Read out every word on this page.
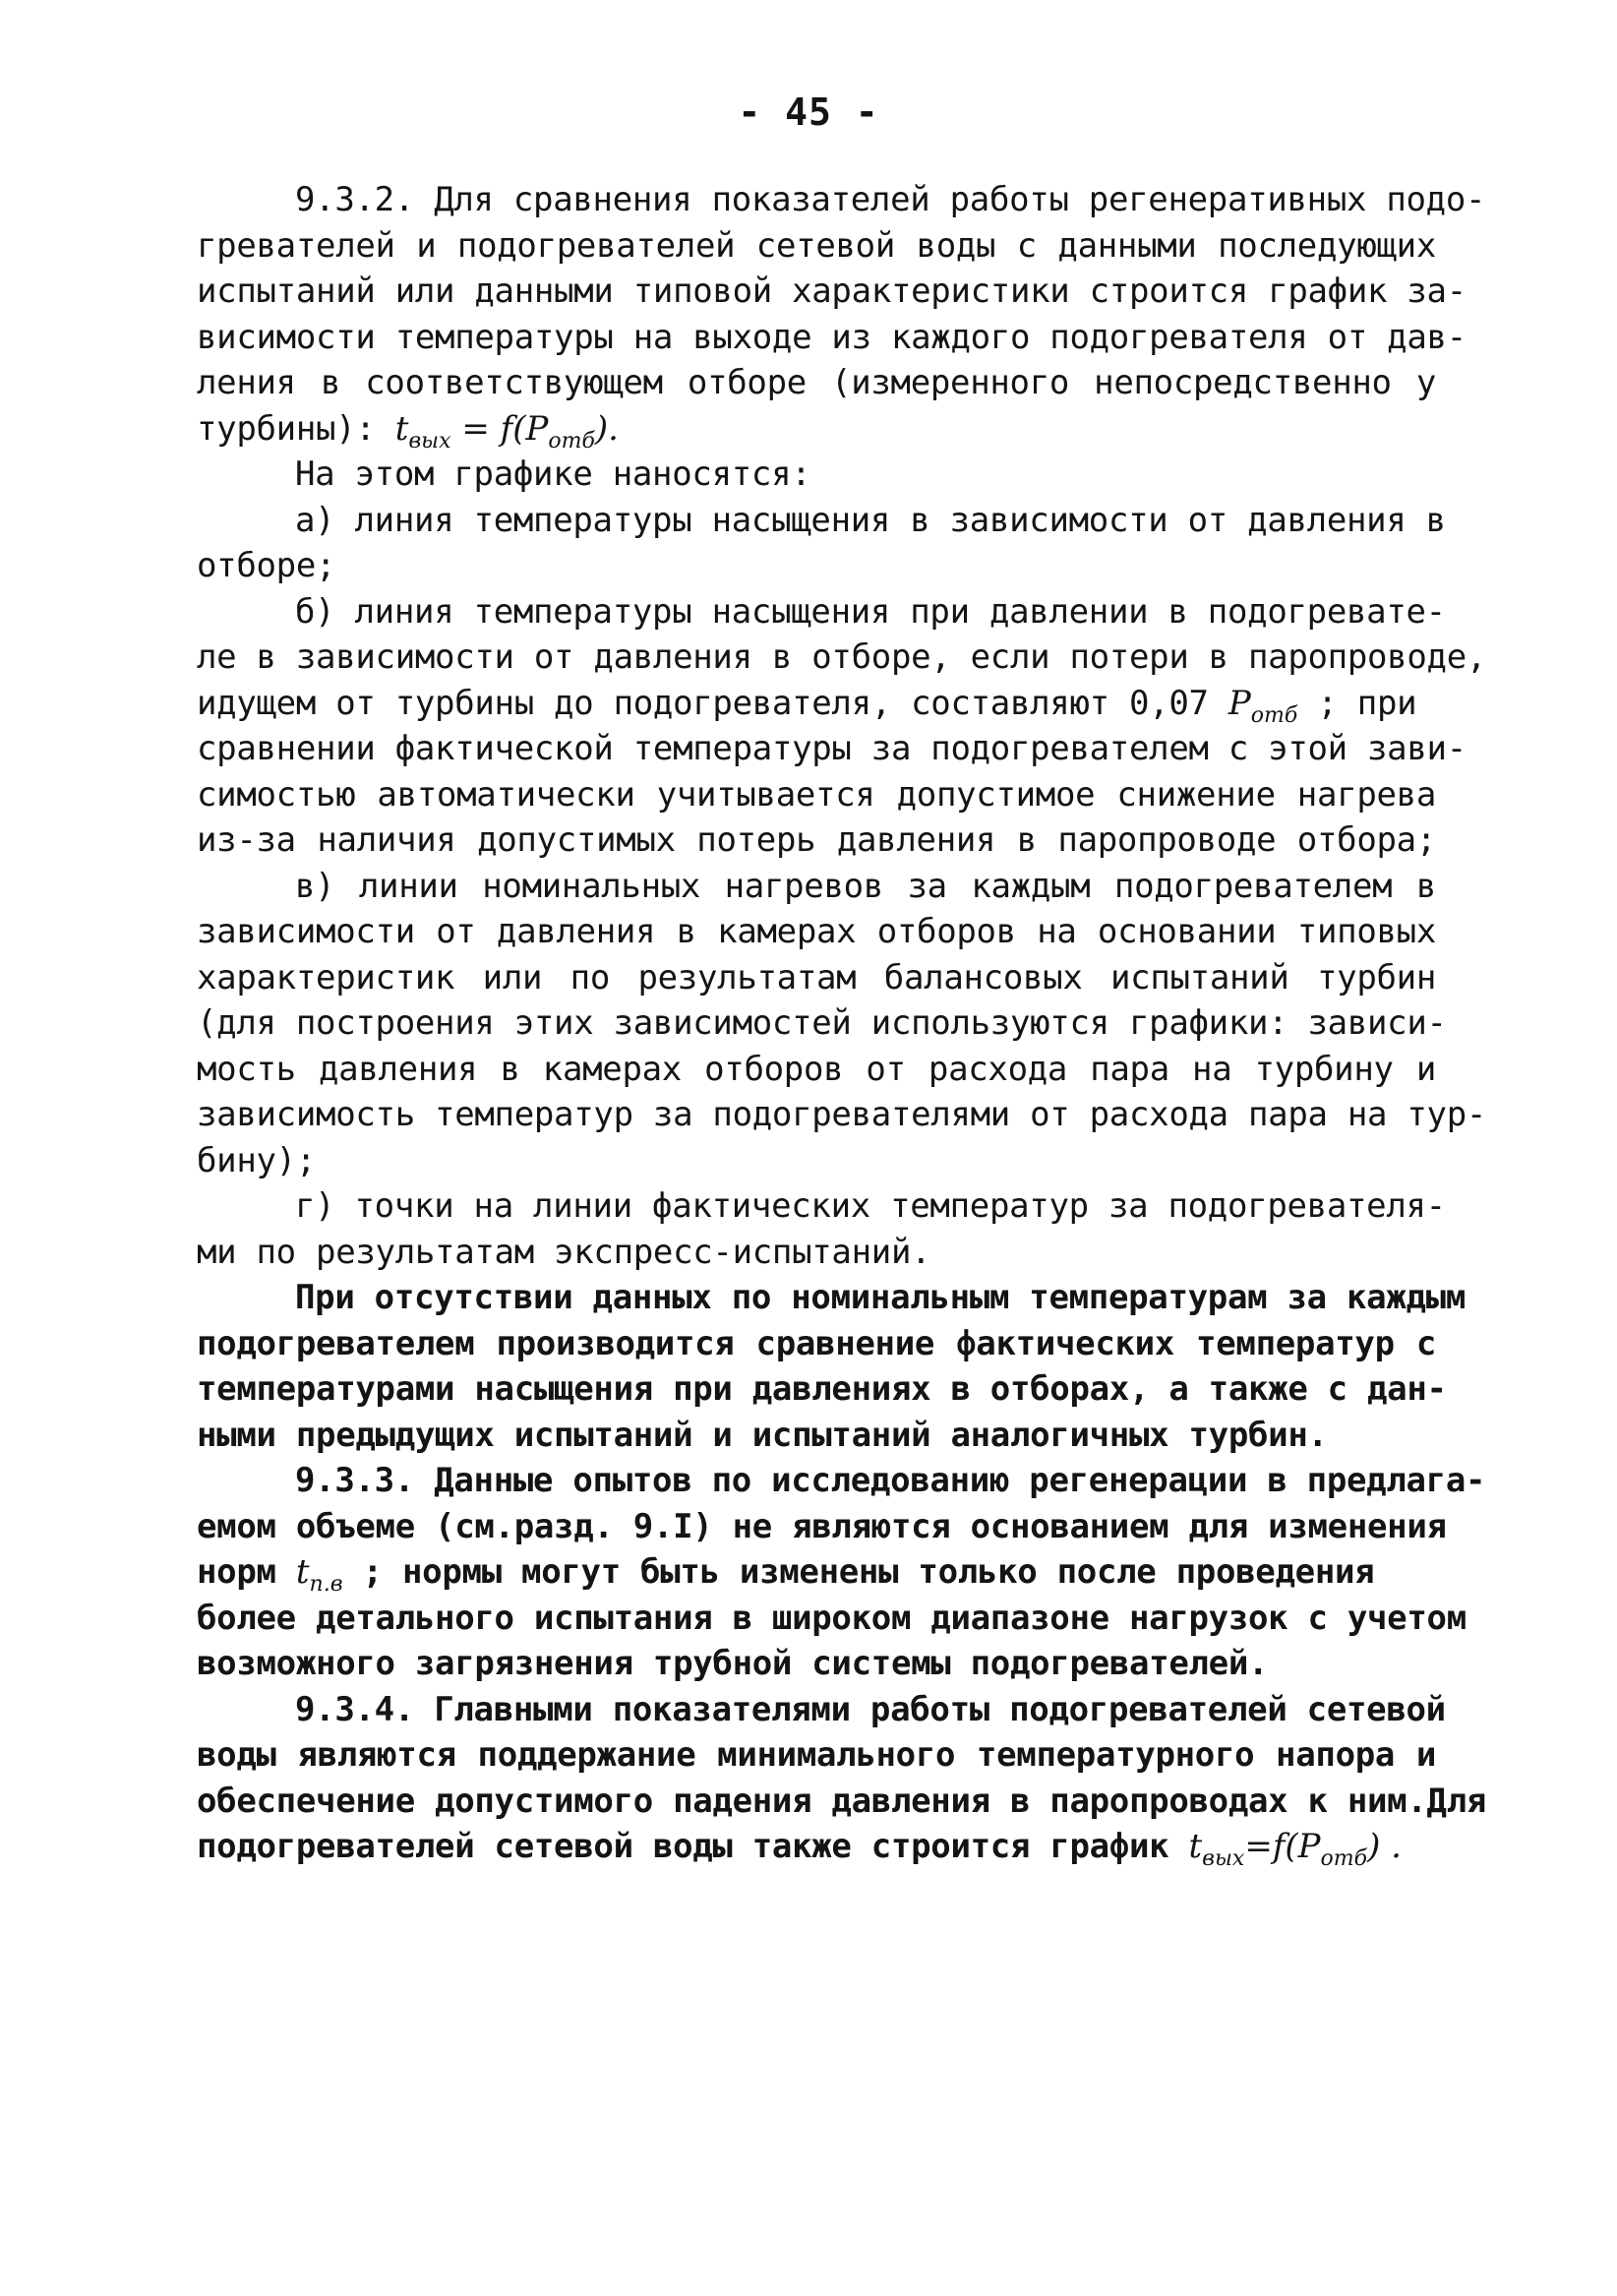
- 45 -
9.3.2. Для сравнения показателей работы регенеративных подо-
гревателей и подогревателей сетевой воды с данными последующих
испытаний или данными типовой характеристики строится график за-
висимости температуры на выходе из каждого подогревателя от дав-
ления в соответствующем отборе (измеренного непосредственно у
турбины): $t_{вых} = f(P_{отб})$.
На этом графике наносятся:
а) линия температуры насыщения в зависимости от давления в
отборе;
б) линия температуры насыщения при давлении в подогревате-
ле в зависимости от давления в отборе, если потери в паропроводе,
идущем от турбины до подогревателя, составляют 0,07 $P_{отб}$ ; при
сравнении фактической температуры за подогревателем с этой зави-
симостью автоматически учитывается допустимое снижение нагрева
из-за наличия допустимых потерь давления в паропроводе отбора;
в) линии номинальных нагревов за каждым подогревателем в
зависимости от давления в камерах отборов на основании типовых
характеристик или по результатам балансовых испытаний турбин
(для построения этих зависимостей используются графики: зависи-
мость давления в камерах отборов от расхода пара на турбину и
зависимость температур за подогревателями от расхода пара на тур-
бину);
г) точки на линии фактических температур за подогревателя-
ми по результатам экспресс-испытаний.
При отсутствии данных по номинальным температурам за каждым
подогревателем производится сравнение фактических температур с
температурами насыщения при давлениях в отборах, а также с дан-
ными предыдущих испытаний и испытаний аналогичных турбин.
9.3.3. Данные опытов по исследованию регенерации в предлага-
емом объеме (см.разд. 9.I) не являются основанием для изменения
норм $t_{п.в}$ ; нормы могут быть изменены только после проведения
более детального испытания в широком диапазоне нагрузок с учетом
возможного загрязнения трубной системы подогревателей.
9.3.4. Главными показателями работы подогревателей сетевой
воды являются поддержание минимального температурного напора и
обеспечение допустимого падения давления в паропроводах к ним.Для
подогревателей сетевой воды также строится график $t_{вых}=f(P_{отб})$ .
